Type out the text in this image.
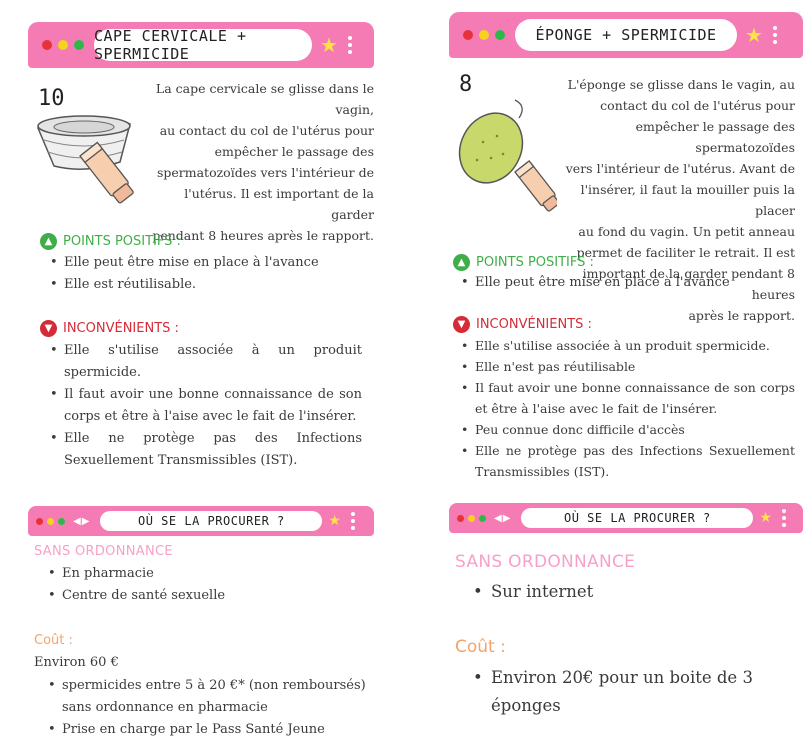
CAPE CERVICALE + SPERMICIDE	★
10	La cape cervicale se glisse dans le vagin,
au contact du col de l'utérus pour
empêcher le passage des
spermatozoïdes vers l'intérieur de
l'utérus. Il est important de la garder
pendant 8 heures après le rapport.
▲ POINTS POSITIFS :
• Elle peut être mise en place à l'avance
• Elle est réutilisable.
▼ INCONVÉNIENTS :
• Elle s'utilise associée à un produit spermicide.
• Il faut avoir une bonne connaissance de son corps et être à l'aise avec le fait de l'insérer.
• Elle ne protège pas des Infections Sexuellement Transmissibles (IST).
◀▶	OÙ SE LA PROCURER ?	★
SANS ORDONNANCE
• En pharmacie
• Centre de santé sexuelle
Coût :
Environ 60 €
• spermicides entre 5 à 20 €* (non remboursés) sans ordonnance en pharmacie
• Prise en charge par le Pass Santé Jeune
ÉPONGE + SPERMICIDE	★
8	L'éponge se glisse dans le vagin, au
contact du col de l'utérus pour
empêcher le passage des spermatozoïdes
vers l'intérieur de l'utérus. Avant de
l'insérer, il faut la mouiller puis la placer
au fond du vagin. Un petit anneau
permet de faciliter le retrait. Il est
important de la garder pendant 8 heures
après le rapport.
▲ POINTS POSITIFS :
• Elle peut être mise en place à l'avance
▼ INCONVÉNIENTS :
• Elle s'utilise associée à un produit spermicide.
• Elle n'est pas réutilisable
• Il faut avoir une bonne connaissance de son corps et être à l'aise avec le fait de l'insérer.
• Peu connue donc difficile d'accès
• Elle ne protège pas des Infections Sexuellement Transmissibles (IST).
◀▶	OÙ SE LA PROCURER ?	★
SANS ORDONNANCE
• Sur internet
Coût :
• Environ 20€ pour un boite de 3 éponges
